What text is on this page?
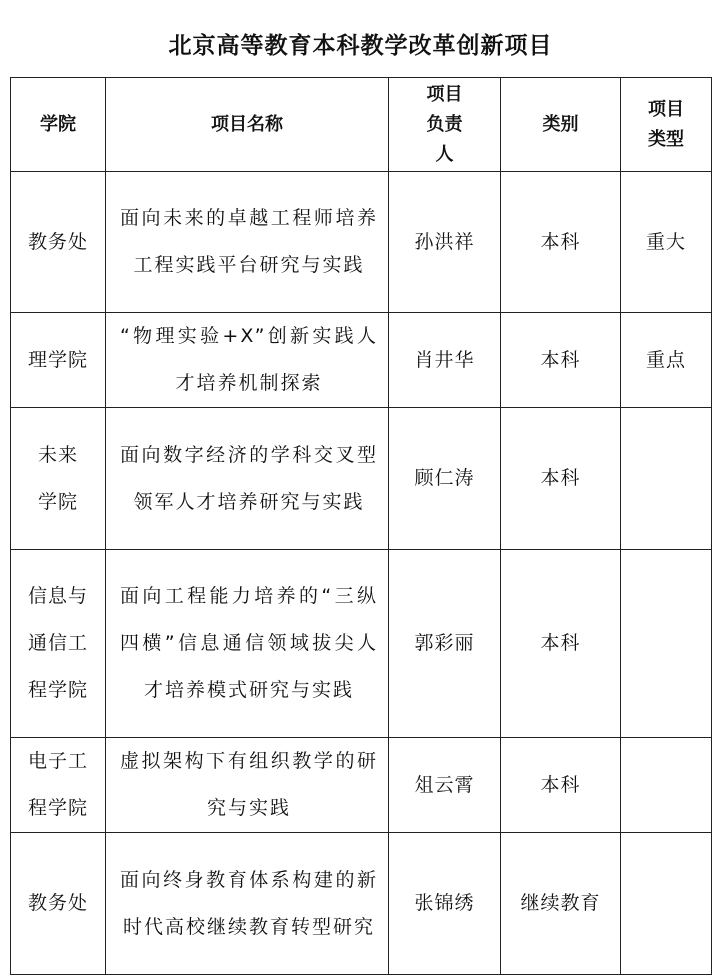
北京高等教育本科教学改革创新项目
学院	项目名称	项目负责人	类别	项目类型
教务处	面向未来的卓越工程师培养工程实践平台研究与实践	孙洪祥	本科	重大
理学院	“物理实验+X”创新实践人才培养机制探索	肖井华	本科	重点
未来学院	面向数字经济的学科交叉型领军人才培养研究与实践	顾仁涛	本科	
信息与通信工程学院	面向工程能力培养的“三纵四横”信息通信领域拔尖人才培养模式研究与实践	郭彩丽	本科	
电子工程学院	虚拟架构下有组织教学的研究与实践	俎云霄	本科	
教务处	面向终身教育体系构建的新时代高校继续教育转型研究	张锦绣	继续教育	
